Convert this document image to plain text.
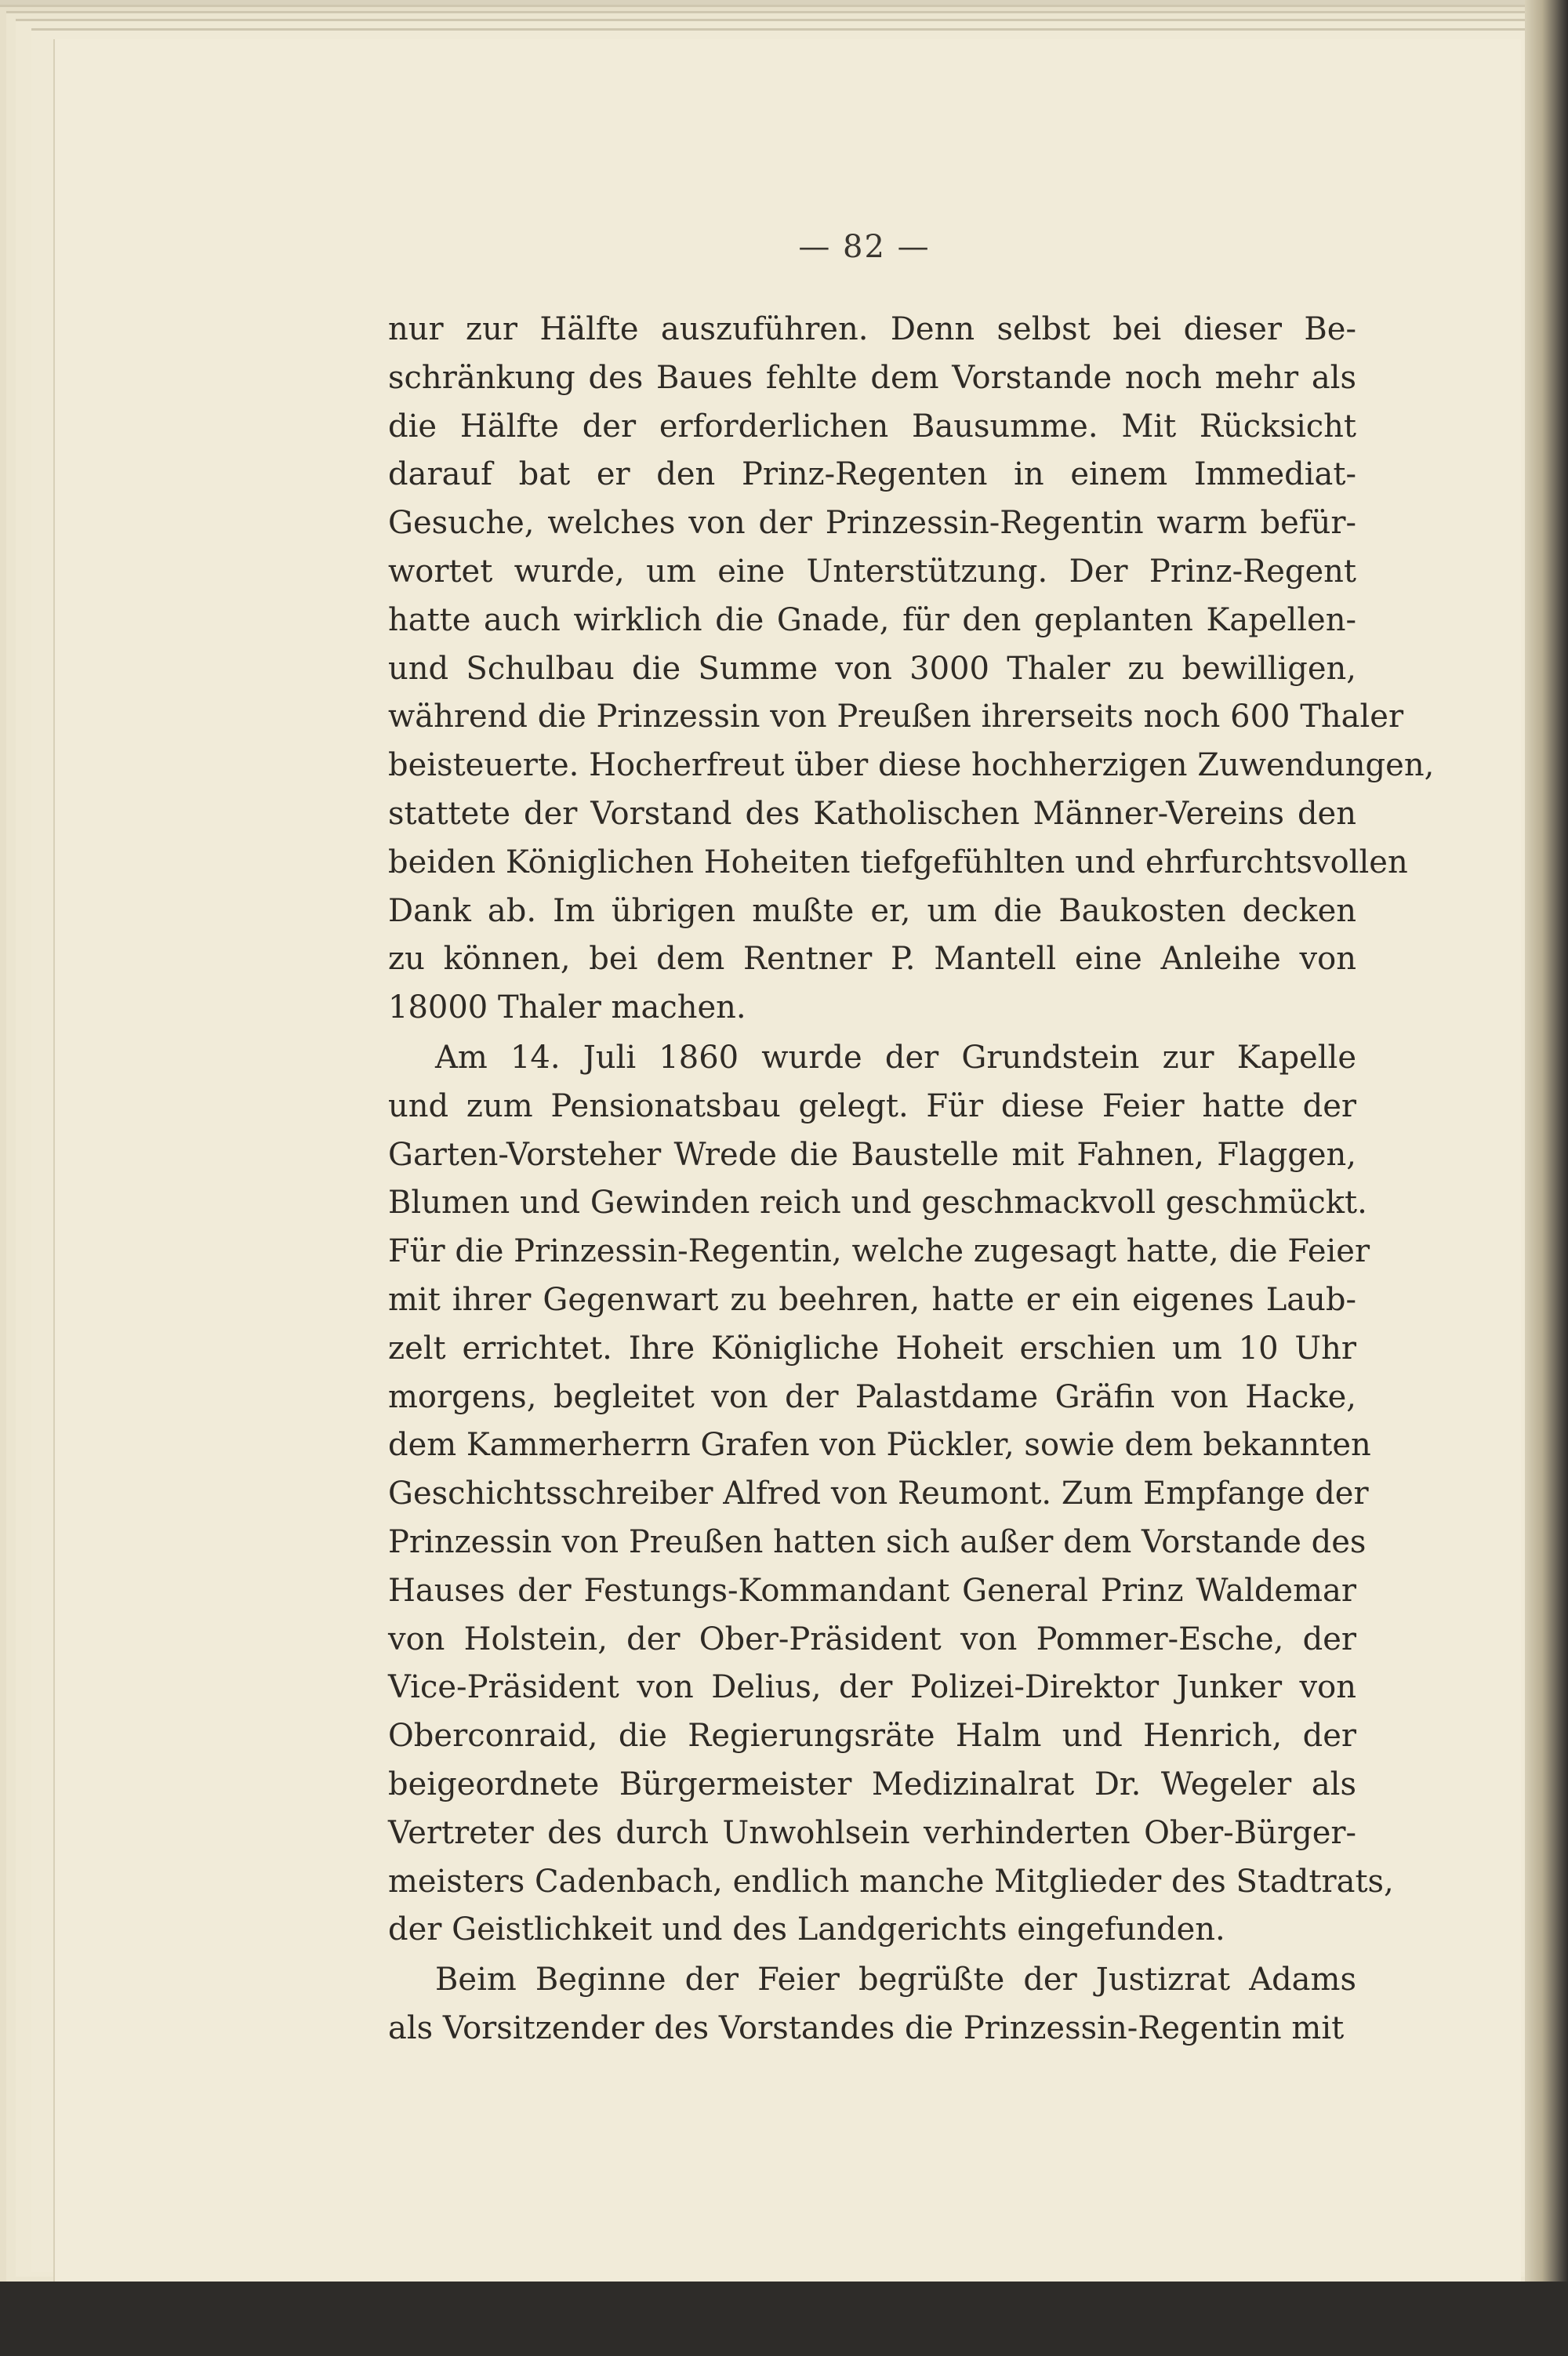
— 82 —

nur zur Hälfte auszuführen. Denn selbst bei dieser Be-
schränkung des Baues fehlte dem Vorstande noch mehr als
die Hälfte der erforderlichen Bausumme. Mit Rücksicht
darauf bat er den Prinz-Regenten in einem Immediat-
Gesuche, welches von der Prinzessin-Regentin warm befür-
wortet wurde, um eine Unterstützung. Der Prinz-Regent
hatte auch wirklich die Gnade, für den geplanten Kapellen-
und Schulbau die Summe von 3000 Thaler zu bewilligen,
während die Prinzessin von Preußen ihrerseits noch 600 Thaler
beisteuerte. Hocherfreut über diese hochherzigen Zuwendungen,
stattete der Vorstand des Katholischen Männer-Vereins den
beiden Königlichen Hoheiten tiefgefühlten und ehrfurchtsvollen
Dank ab. Im übrigen mußte er, um die Baukosten decken
zu können, bei dem Rentner P. Mantell eine Anleihe von
18000 Thaler machen.

Am 14. Juli 1860 wurde der Grundstein zur Kapelle
und zum Pensionatsbau gelegt. Für diese Feier hatte der
Garten-Vorsteher Wrede die Baustelle mit Fahnen, Flaggen,
Blumen und Gewinden reich und geschmackvoll geschmückt.
Für die Prinzessin-Regentin, welche zugesagt hatte, die Feier
mit ihrer Gegenwart zu beehren, hatte er ein eigenes Laub-
zelt errichtet. Ihre Königliche Hoheit erschien um 10 Uhr
morgens, begleitet von der Palastdame Gräfin von Hacke,
dem Kammerherrn Grafen von Pückler, sowie dem bekannten
Geschichtsschreiber Alfred von Reumont. Zum Empfange der
Prinzessin von Preußen hatten sich außer dem Vorstande des
Hauses der Festungs-Kommandant General Prinz Waldemar
von Holstein, der Ober-Präsident von Pommer-Esche, der
Vice-Präsident von Delius, der Polizei-Direktor Junker von
Oberconraid, die Regierungsräte Halm und Henrich, der
beigeordnete Bürgermeister Medizinalrat Dr. Wegeler als
Vertreter des durch Unwohlsein verhinderten Ober-Bürger-
meisters Cadenbach, endlich manche Mitglieder des Stadtrats,
der Geistlichkeit und des Landgerichts eingefunden.

Beim Beginne der Feier begrüßte der Justizrat Adams
als Vorsitzender des Vorstandes die Prinzessin-Regentin mit
